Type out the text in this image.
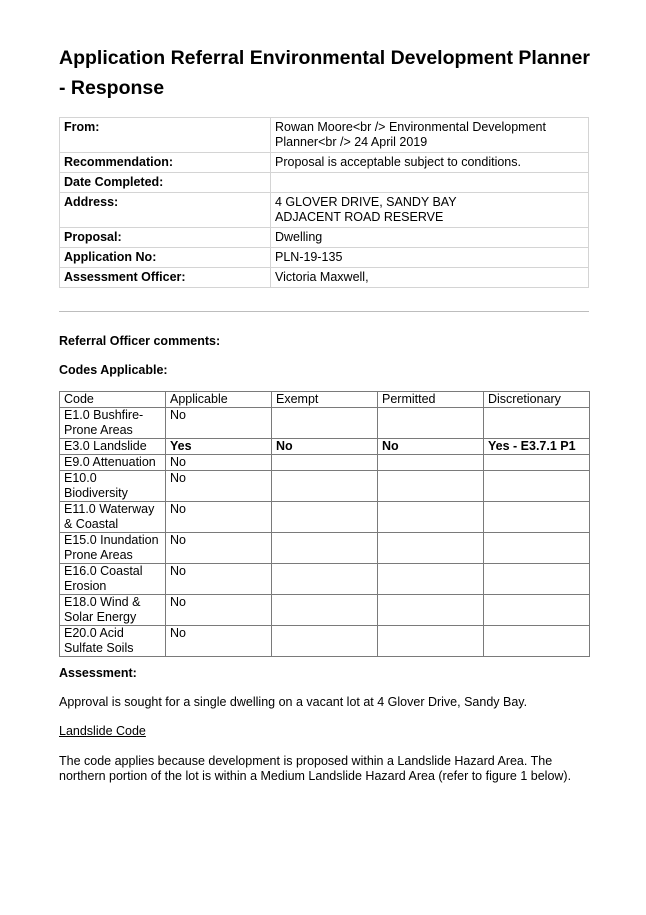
Application Referral Environmental Development Planner - Response
From:	Rowan Moore<br /> Environmental Development Planner<br /> 24 April 2019
Recommendation:	Proposal is acceptable subject to conditions.
Date Completed:	
Address:	4 GLOVER DRIVE, SANDY BAY
ADJACENT ROAD RESERVE

Proposal:	Dwelling
Application No:	PLN-19-135
Assessment Officer:	Victoria Maxwell,

Referral Officer comments:

Codes Applicable:

Code	Applicable	Exempt	Permitted	Discretionary
E1.0 Bushfire-Prone Areas	No			
E3.0 Landslide	Yes	No	No	Yes - E3.7.1 P1
E9.0 Attenuation	No			
E10.0 Biodiversity	No			
E11.0 Waterway & Coastal	No			
E15.0 Inundation Prone Areas	No			
E16.0 Coastal Erosion	No			
E18.0 Wind & Solar Energy	No			
E20.0 Acid Sulfate Soils	No			

Assessment:

Approval is sought for a single dwelling on a vacant lot at 4 Glover Drive, Sandy Bay.

Landslide Code

The code applies because development is proposed within a Landslide Hazard Area. The northern portion of the lot is within a Medium Landslide Hazard Area (refer to figure 1 below).
